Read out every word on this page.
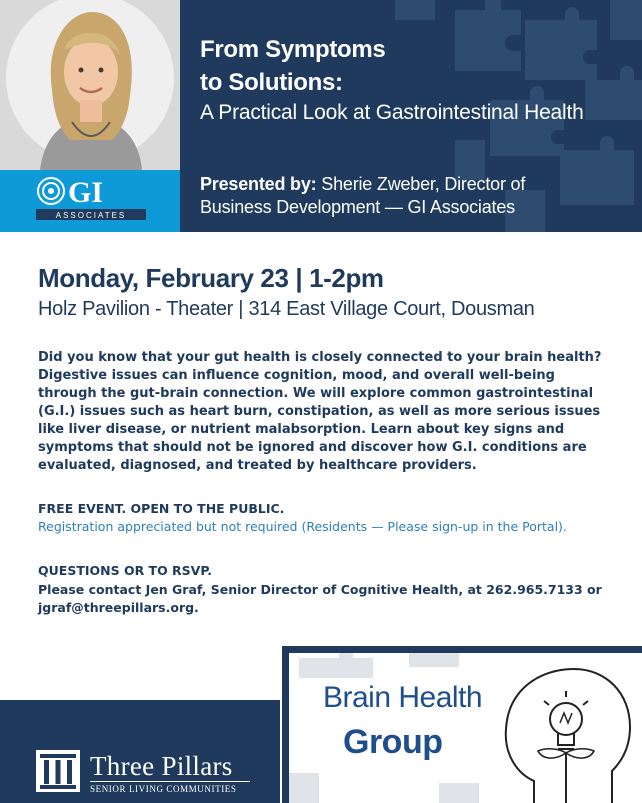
GI
ASSOCIATES
From Symptoms
to Solutions:
A Practical Look at Gastrointestinal Health
Presented by: Sherie Zweber, Director of
Business Development — GI Associates
Monday, February 23 | 1-2pm
Holz Pavilion - Theater | 314 East Village Court, Dousman
Did you know that your gut health is closely connected to your brain health? Digestive issues can influence cognition, mood, and overall well-being through the gut-brain connection. We will explore common gastrointestinal (G.I.) issues such as heart burn, constipation, as well as more serious issues like liver disease, or nutrient malabsorption. Learn about key signs and symptoms that should not be ignored and discover how G.I. conditions are evaluated, diagnosed, and treated by healthcare providers.
FREE EVENT. OPEN TO THE PUBLIC.
Registration appreciated but not required (Residents — Please sign-up in the Portal).
QUESTIONS OR TO RSVP.
Please contact Jen Graf, Senior Director of Cognitive Health, at 262.965.7133 or jgraf@threepillars.org.
Three Pillars
SENIOR LIVING COMMUNITIES
Brain Health
Group
